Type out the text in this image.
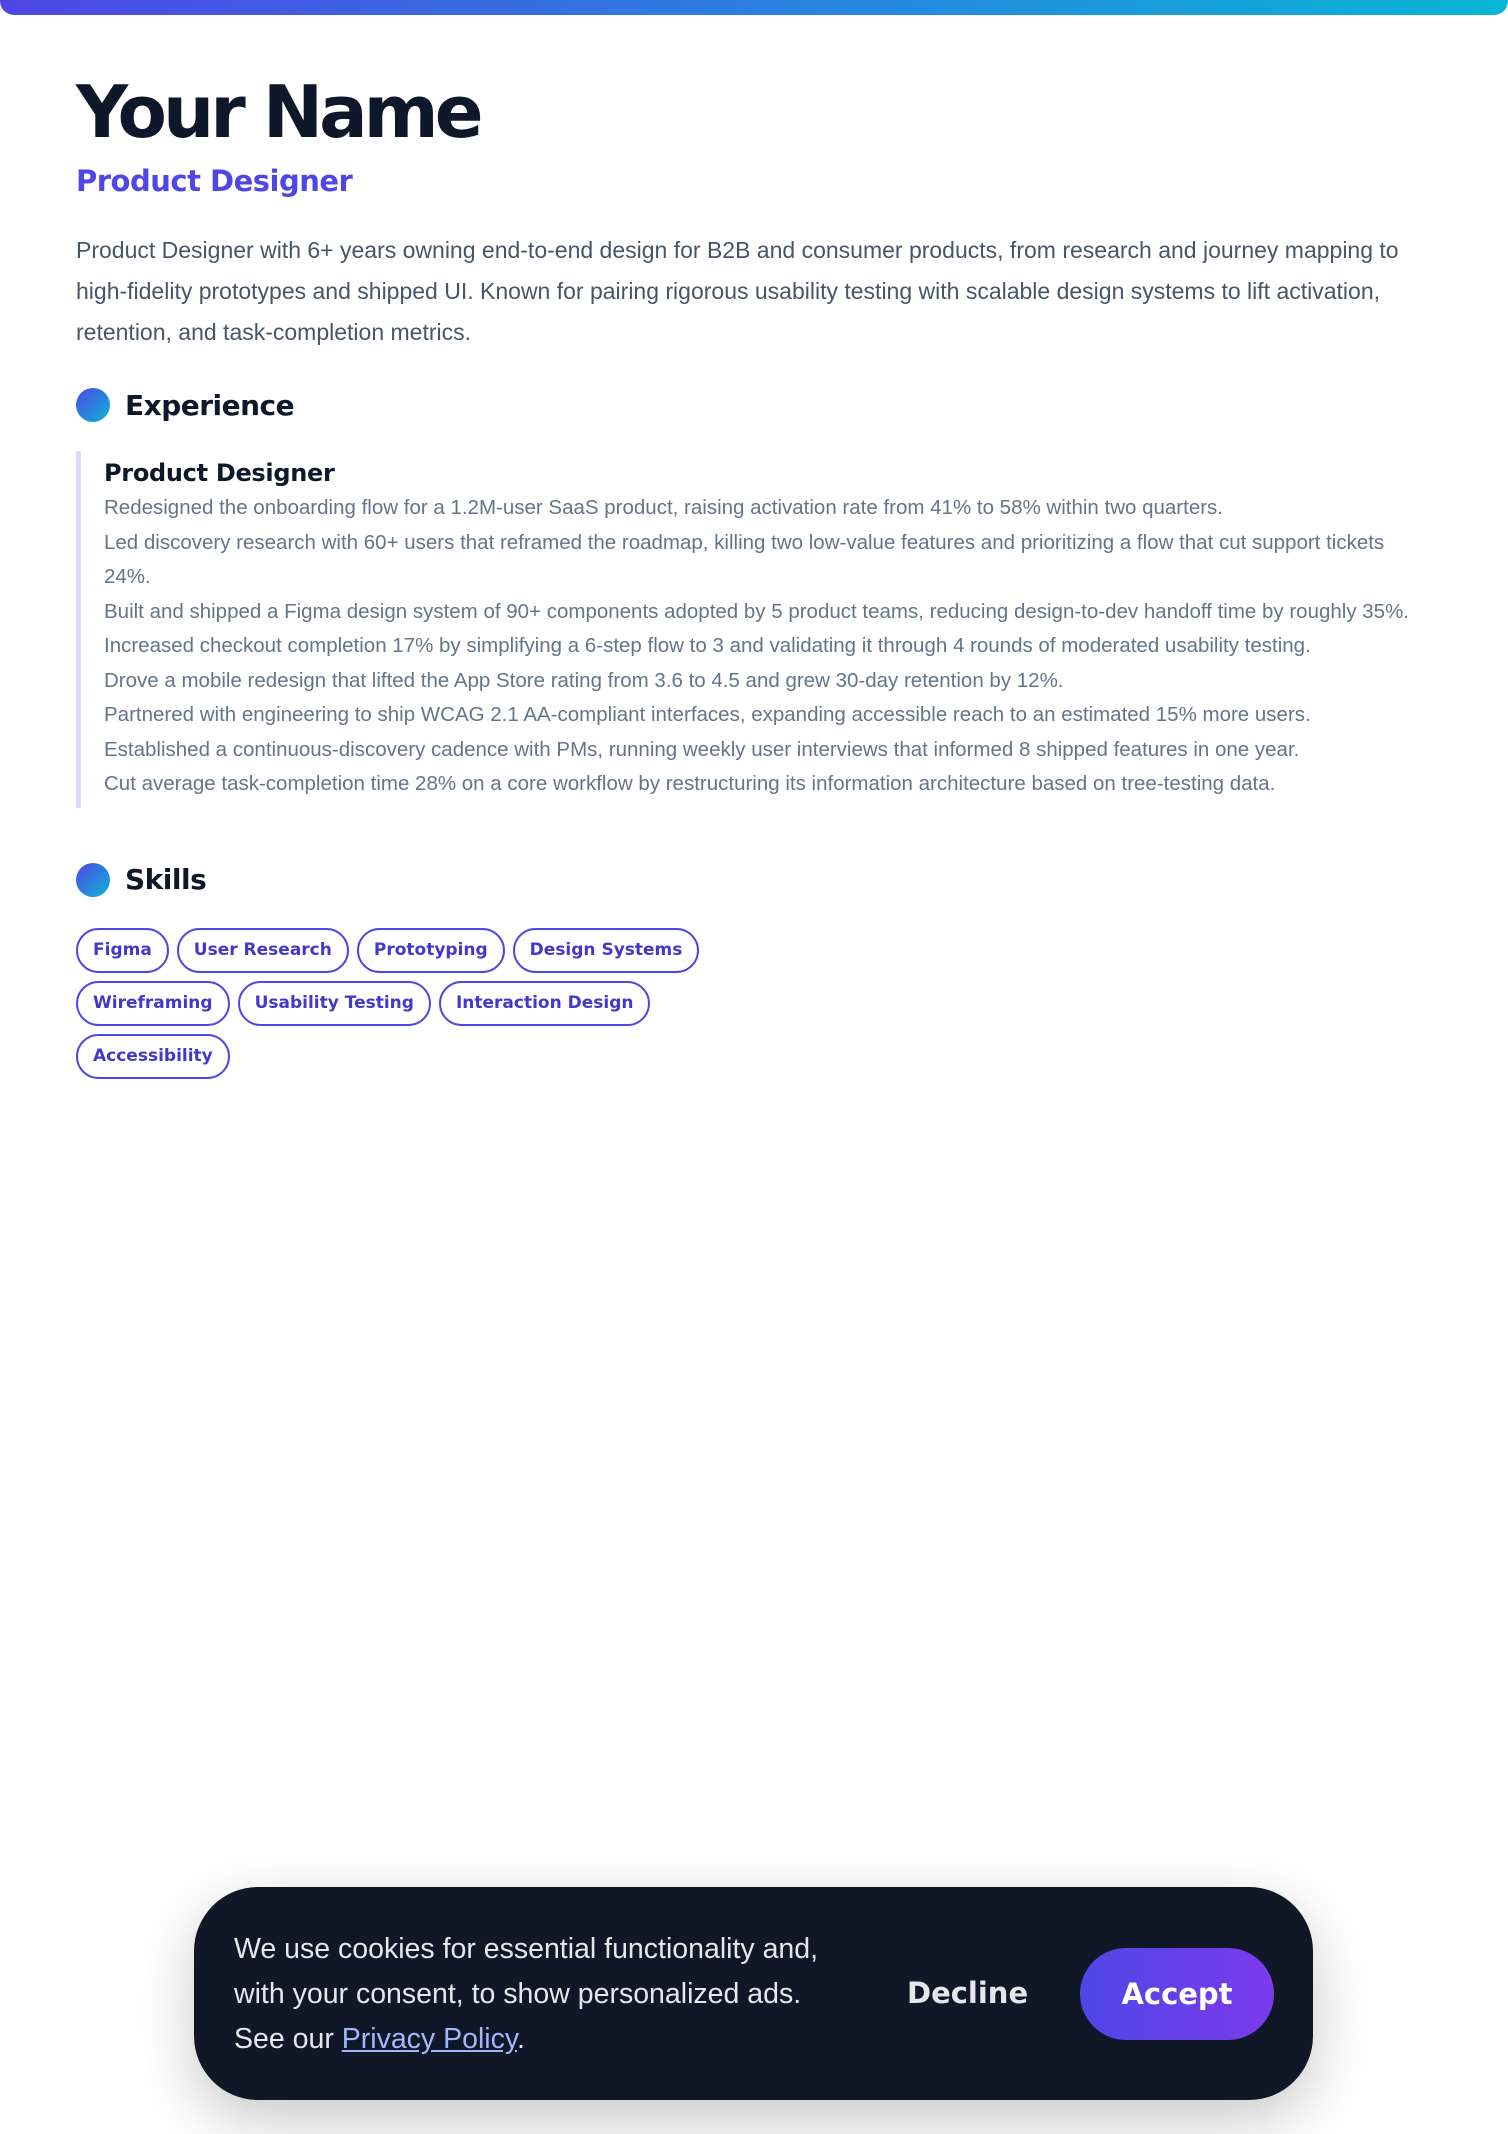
Your Name
Product Designer

Product Designer with 6+ years owning end-to-end design for B2B and consumer products, from research and journey mapping to high-fidelity prototypes and shipped UI. Known for pairing rigorous usability testing with scalable design systems to lift activation, retention, and task-completion metrics.

Experience
Product Designer

Redesigned the onboarding flow for a 1.2M-user SaaS product, raising activation rate from 41% to 58% within two quarters.

Led discovery research with 60+ users that reframed the roadmap, killing two low-value features and prioritizing a flow that cut support tickets 24%.

Built and shipped a Figma design system of 90+ components adopted by 5 product teams, reducing design-to-dev handoff time by roughly 35%.

Increased checkout completion 17% by simplifying a 6-step flow to 3 and validating it through 4 rounds of moderated usability testing.

Drove a mobile redesign that lifted the App Store rating from 3.6 to 4.5 and grew 30-day retention by 12%.

Partnered with engineering to ship WCAG 2.1 AA-compliant interfaces, expanding accessible reach to an estimated 15% more users.

Established a continuous-discovery cadence with PMs, running weekly user interviews that informed 8 shipped features in one year.

Cut average task-completion time 28% on a core workflow by restructuring its information architecture based on tree-testing data.

Skills
Figma	User Research	Prototyping	Design Systems
Wireframing	Usability Testing	Interaction Design
Accessibility

We use cookies for essential functionality and, with your consent, to show personalized ads. See our Privacy Policy.

Decline	Accept
